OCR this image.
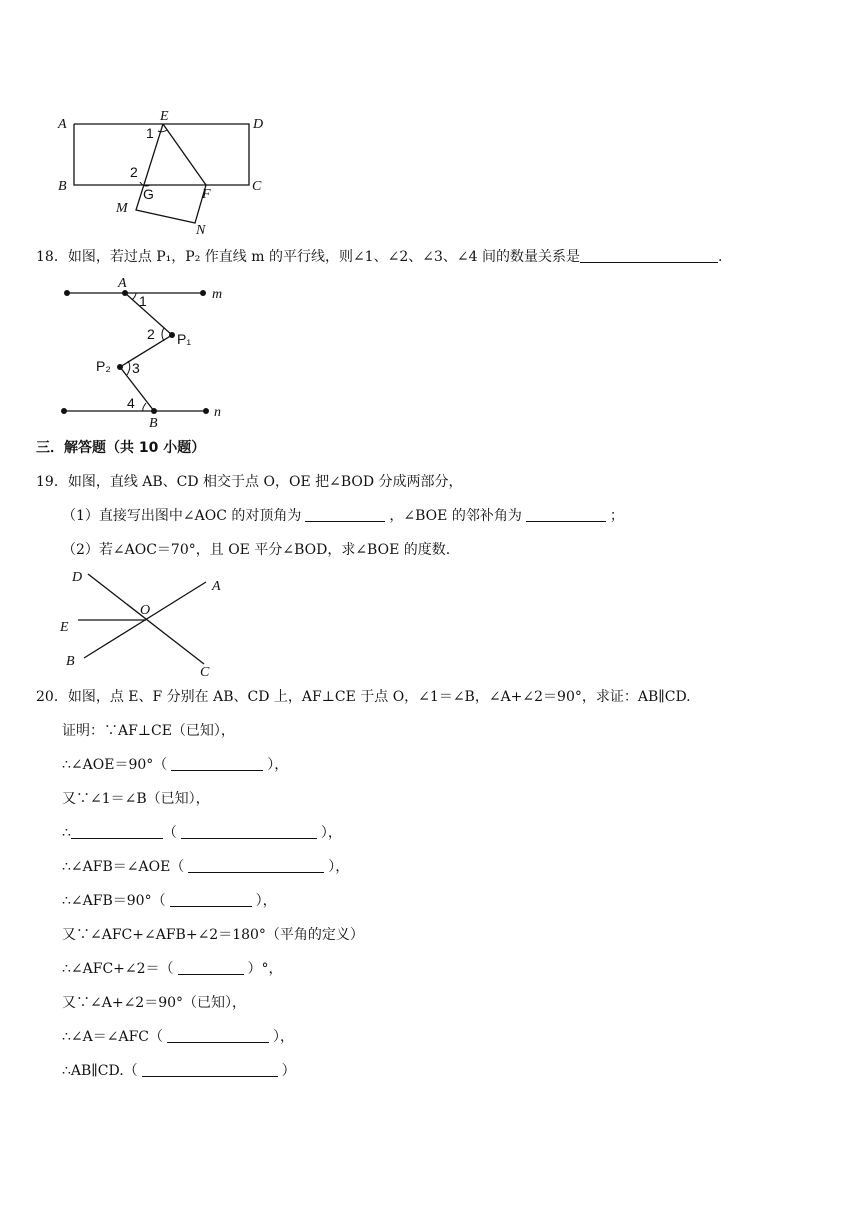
A
E
D
B	C
G	F
M
N
1
2
18．如图，若过点 P₁，P₂ 作直线 m 的平行线，则∠1、∠2、∠3、∠4 间的数量关系是	.
A
m
n
B
P₁
P₂
1
2
3
4
三．解答题（共 10 小题）
19．如图，直线 AB、CD 相交于点 O，OE 把∠BOD 分成两部分，
（1）直接写出图中∠AOC 的对顶角为	，∠BOE 的邻补角为	；
（2）若∠AOC＝70°，且 OE 平分∠BOD，求∠BOE 的度数.
D
A
O
E
B
C
20．如图，点 E、F 分别在 AB、CD 上，AF⊥CE 于点 O，∠1＝∠B，∠A+∠2＝90°，求证：AB∥CD.
证明：∵AF⊥CE（已知），
∴∠AOE＝90°（	），
又∵∠1＝∠B（已知），
∴	（	），
∴∠AFB＝∠AOE（	），
∴∠AFB＝90°（	），
又∵∠AFC+∠AFB+∠2＝180°（平角的定义）
∴∠AFC+∠2＝（	）°，
又∵∠A+∠2＝90°（已知），
∴∠A＝∠AFC（	），
∴AB∥CD.（	）
